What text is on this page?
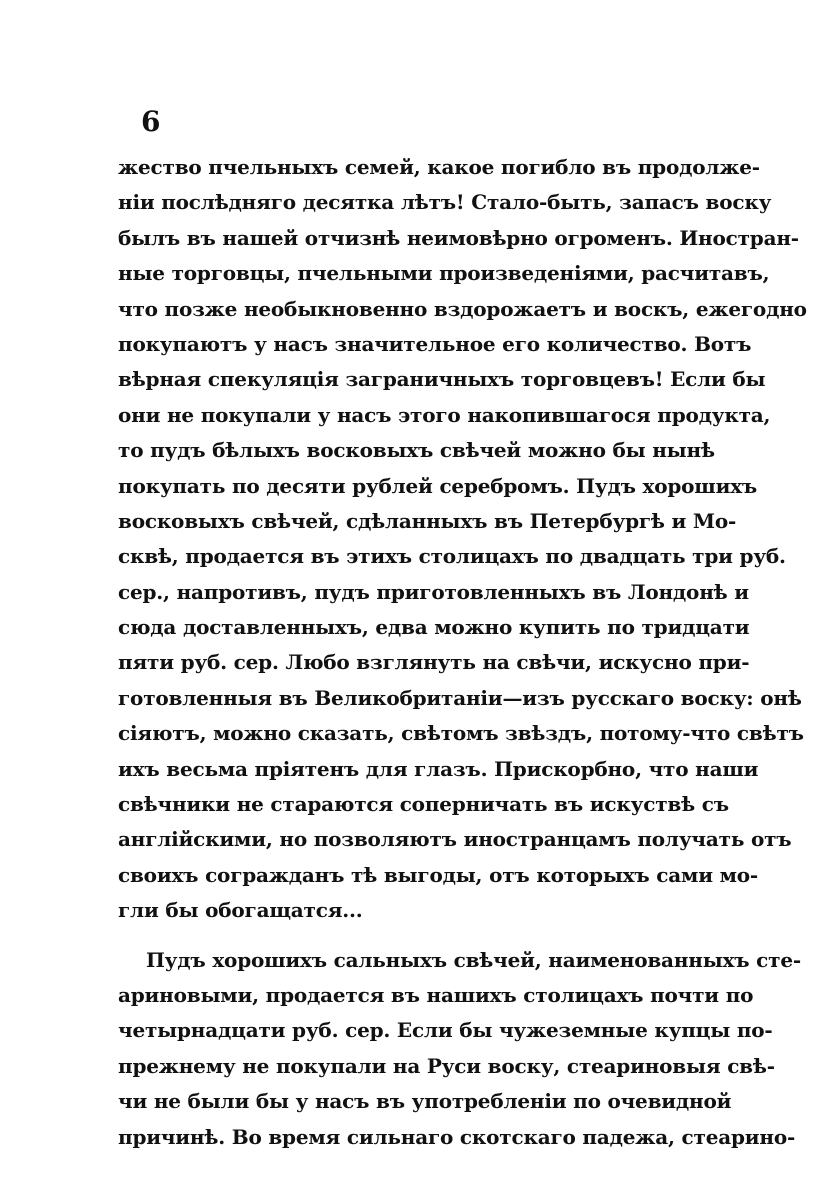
6
жество пчельныхъ семей, какое погибло въ продолже-
нiи послѣдняго десятка лѣтъ! Стало-быть, запасъ воску
былъ въ нашей отчизнѣ неимовѣрно огроменъ. Иностран-
ные торговцы, пчельными произведенiями, расчитавъ,
что позже необыкновенно вздорожаетъ и воскъ, ежегодно
покупаютъ у насъ значительное его количество. Вотъ
вѣрная спекуляцiя заграничныхъ торговцевъ! Если бы
они не покупали у насъ этого накопившагося продукта,
то пудъ бѣлыхъ восковыхъ свѣчей можно бы нынѣ
покупать по десяти рублей серебромъ. Пудъ хорошихъ
восковыхъ свѣчей, сдѣланныхъ въ Петербургѣ и Мо-
сквѣ, продается въ этихъ столицахъ по двадцать три руб.
сер., напротивъ, пудъ приготовленныхъ въ Лондонѣ и
сюда доставленныхъ, едва можно купить по тридцати
пяти руб. сер. Любо взглянуть на свѣчи, искусно при-
готовленныя въ Великобританiи—изъ русскаго воску: онѣ
сiяютъ, можно сказать, свѣтомъ звѣздъ, потому-что свѣтъ
ихъ весьма прiятенъ для глазъ. Прискорбно, что наши
свѣчники не стараются соперничать въ искуствѣ съ
англiйскими, но позволяютъ иностранцамъ получать отъ
своихъ согражданъ тѣ выгоды, отъ которыхъ сами мо-
гли бы обогащатся...
Пудъ хорошихъ сальныхъ свѣчей, наименованныхъ сте-
ариновыми, продается въ нашихъ столицахъ почти по
четырнадцати руб. сер. Если бы чужеземные купцы по-
прежнему не покупали на Руси воску, стеариновыя свѣ-
чи не были бы у насъ въ употребленiи по очевидной
причинѣ. Во время сильнаго скотскаго падежа, стеарино-
